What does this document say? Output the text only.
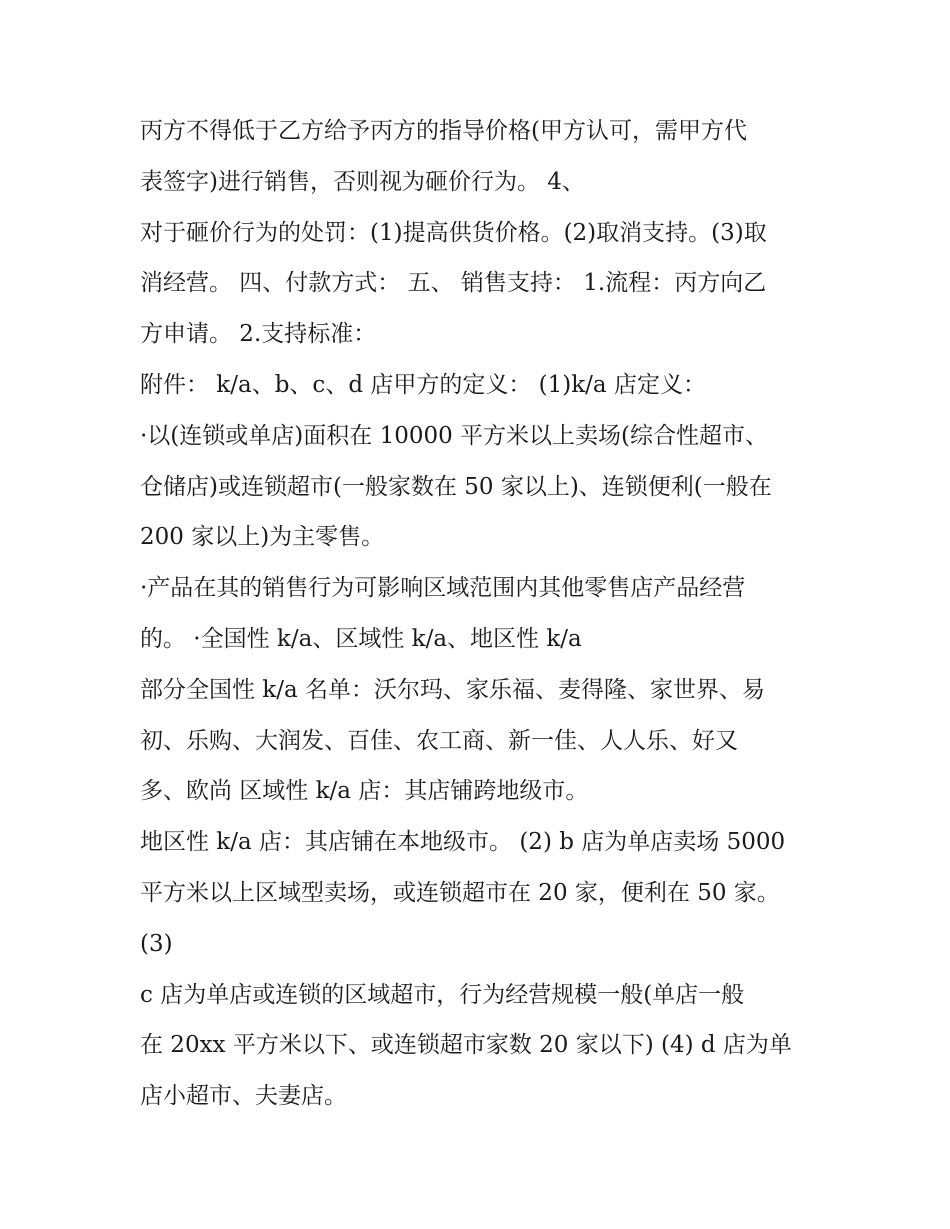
丙方不得低于乙方给予丙方的指导价格(甲方认可，需甲方代
表签字)进行销售，否则视为砸价行为。 4、
对于砸价行为的处罚：(1)提高供货价格。(2)取消支持。(3)取
消经营。 四、付款方式： 五、 销售支持： 1.流程：丙方向乙
方申请。 2.支持标准：
附件： k/a、b、c、d 店甲方的定义： (1)k/a 店定义：
·以(连锁或单店)面积在 10000 平方米以上卖场(综合性超市、
仓储店)或连锁超市(一般家数在 50 家以上)、连锁便利(一般在
200 家以上)为主零售。
·产品在其的销售行为可影响区域范围内其他零售店产品经营
的。 ·全国性 k/a、区域性 k/a、地区性 k/a
部分全国性 k/a 名单：沃尔玛、家乐福、麦得隆、家世界、易
初、乐购、大润发、百佳、农工商、新一佳、人人乐、好又
多、欧尚 区域性 k/a 店：其店铺跨地级市。
地区性 k/a 店：其店铺在本地级市。 (2) b 店为单店卖场 5000
平方米以上区域型卖场，或连锁超市在 20 家，便利在 50 家。
(3)
c 店为单店或连锁的区域超市，行为经营规模一般(单店一般
在 20xx 平方米以下、或连锁超市家数 20 家以下) (4) d 店为单
店小超市、夫妻店。
